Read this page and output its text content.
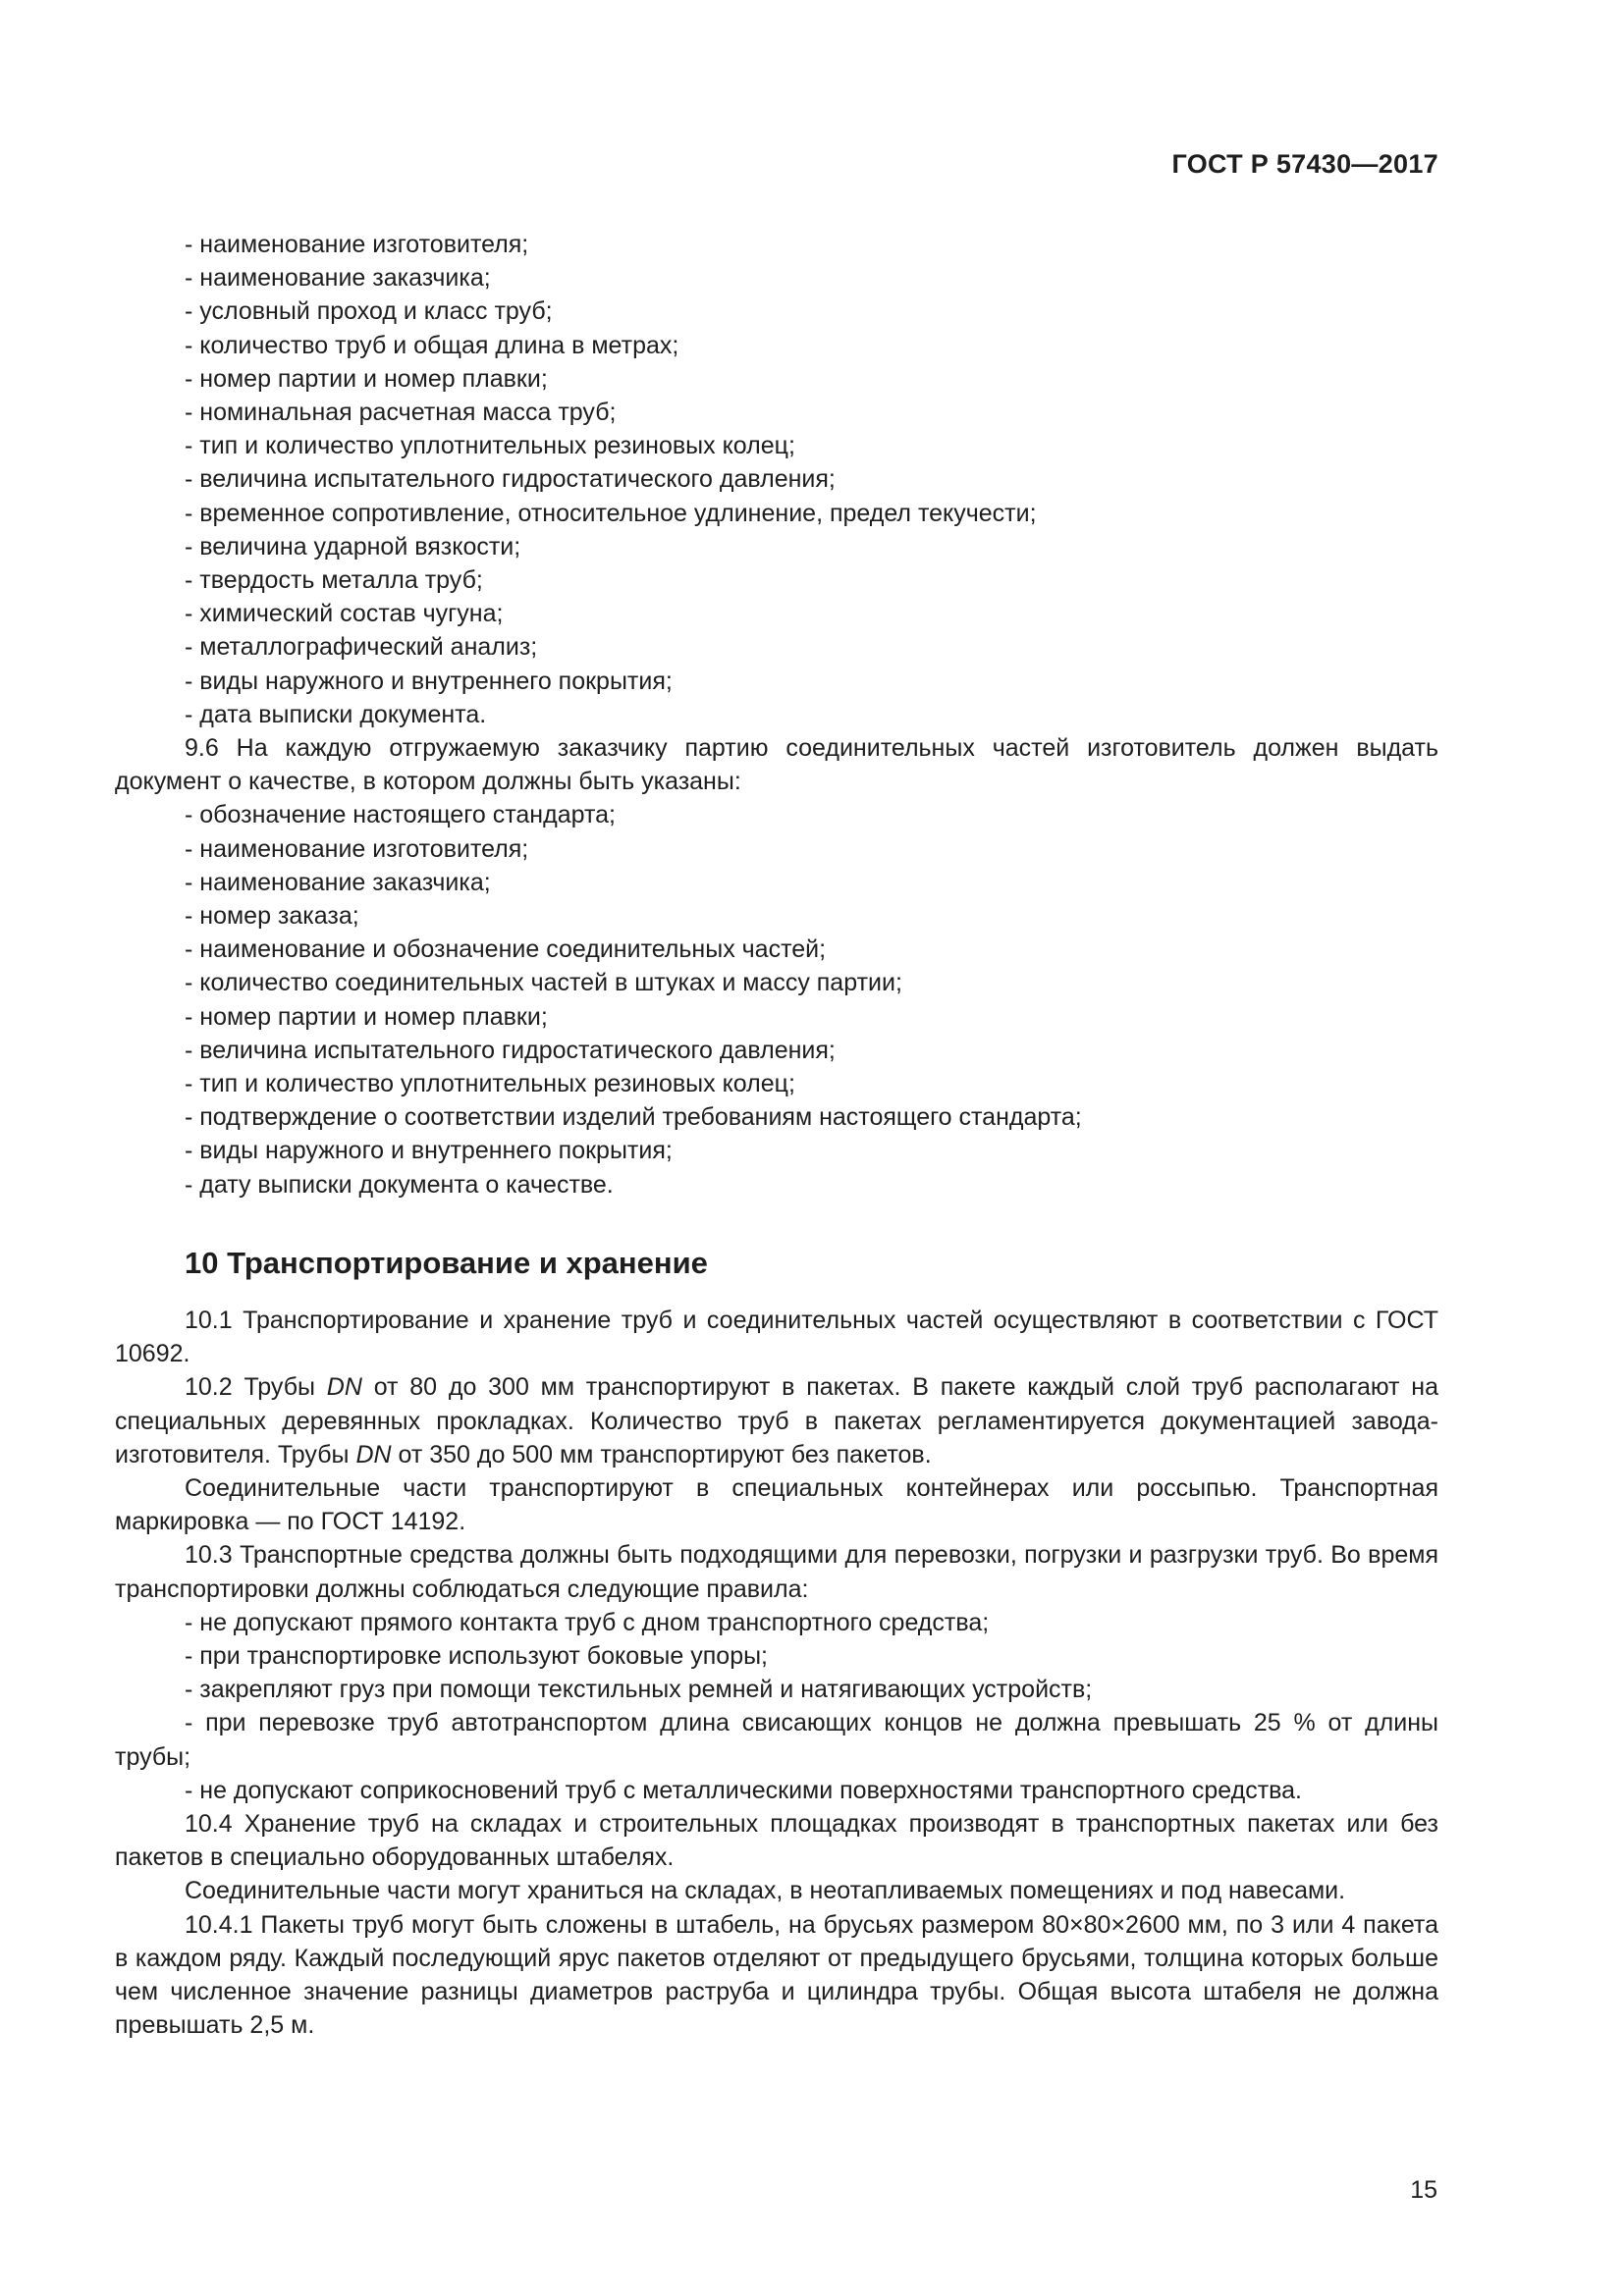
ГОСТ Р 57430—2017

- наименование изготовителя;

- наименование заказчика;

- условный проход и класс труб;

- количество труб и общая длина в метрах;

- номер партии и номер плавки;

- номинальная расчетная масса труб;

- тип и количество уплотнительных резиновых колец;

- величина испытательного гидростатического давления;

- временное сопротивление, относительное удлинение, предел текучести;

- величина ударной вязкости;

- твердость металла труб;

- химический состав чугуна;

- металлографический анализ;

- виды наружного и внутреннего покрытия;

- дата выписки документа.

9.6 На каждую отгружаемую заказчику партию соединительных частей изготовитель должен выдать документ о качестве, в котором должны быть указаны:

- обозначение настоящего стандарта;

- наименование изготовителя;

- наименование заказчика;

- номер заказа;

- наименование и обозначение соединительных частей;

- количество соединительных частей в штуках и массу партии;

- номер партии и номер плавки;

- величина испытательного гидростатического давления;

- тип и количество уплотнительных резиновых колец;

- подтверждение о соответствии изделий требованиям настоящего стандарта;

- виды наружного и внутреннего покрытия;

- дату выписки документа о качестве.

10 Транспортирование и хранение

10.1 Транспортирование и хранение труб и соединительных частей осуществляют в соответствии с ГОСТ 10692.

10.2 Трубы DN от 80 до 300 мм транспортируют в пакетах. В пакете каждый слой труб располагают на специальных деревянных прокладках. Количество труб в пакетах регламентируется документацией завода-изготовителя. Трубы DN от 350 до 500 мм транспортируют без пакетов.

Соединительные части транспортируют в специальных контейнерах или россыпью. Транспортная маркировка — по ГОСТ 14192.

10.3 Транспортные средства должны быть подходящими для перевозки, погрузки и разгрузки труб. Во время транспортировки должны соблюдаться следующие правила:

- не допускают прямого контакта труб с дном транспортного средства;

- при транспортировке используют боковые упоры;

- закрепляют груз при помощи текстильных ремней и натягивающих устройств;

- при перевозке труб автотранспортом длина свисающих концов не должна превышать 25 % от длины трубы;

- не допускают соприкосновений труб с металлическими поверхностями транспортного средства.

10.4 Хранение труб на складах и строительных площадках производят в транспортных пакетах или без пакетов в специально оборудованных штабелях.

Соединительные части могут храниться на складах, в неотапливаемых помещениях и под навесами.

10.4.1 Пакеты труб могут быть сложены в штабель, на брусьях размером 80×80×2600 мм, по 3 или 4 пакета в каждом ряду. Каждый последующий ярус пакетов отделяют от предыдущего брусьями, толщина которых больше чем численное значение разницы диаметров раструба и цилиндра трубы. Общая высота штабеля не должна превышать 2,5 м.

15
